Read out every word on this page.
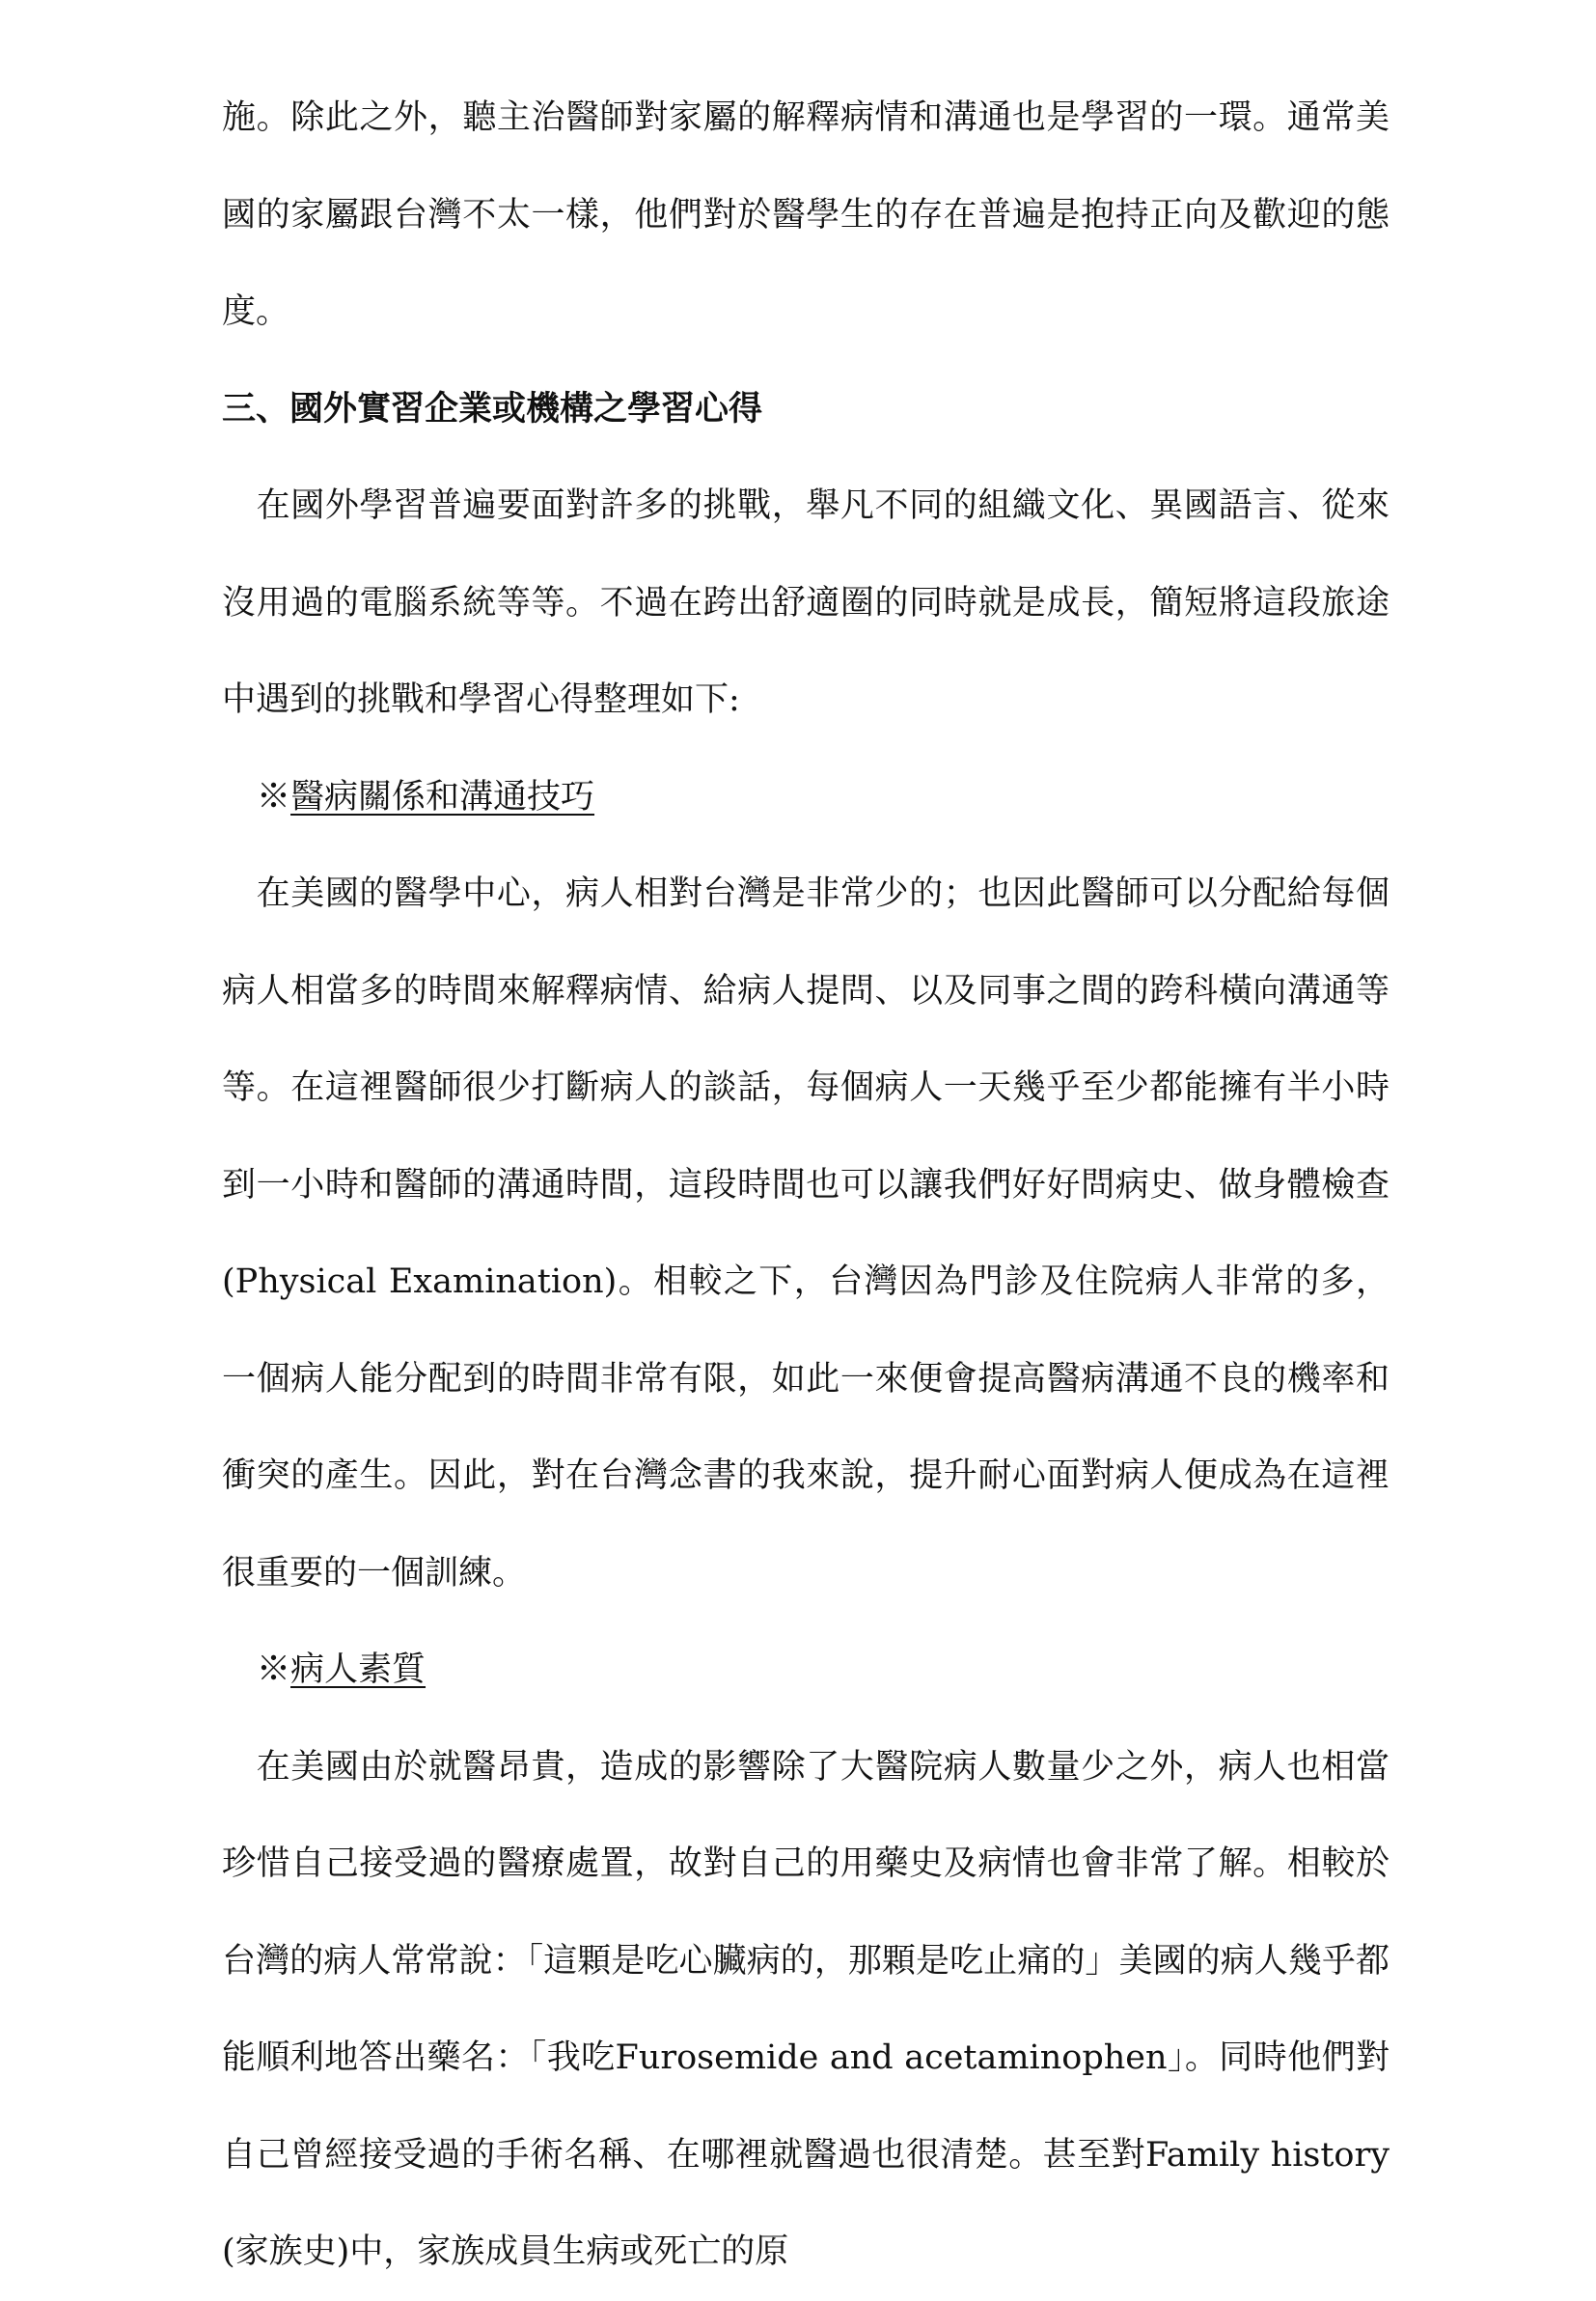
施。除此之外，聽主治醫師對家屬的解釋病情和溝通也是學習的一環。通常美國的家屬跟台灣不太一樣，他們對於醫學生的存在普遍是抱持正向及歡迎的態度。

三、國外實習企業或機構之學習心得

　在國外學習普遍要面對許多的挑戰，舉凡不同的組織文化、異國語言、從來沒用過的電腦系統等等。不過在跨出舒適圈的同時就是成長，簡短將這段旅途中遇到的挑戰和學習心得整理如下:

※醫病關係和溝通技巧

　在美國的醫學中心，病人相對台灣是非常少的；也因此醫師可以分配給每個病人相當多的時間來解釋病情、給病人提問、以及同事之間的跨科橫向溝通等等。在這裡醫師很少打斷病人的談話，每個病人一天幾乎至少都能擁有半小時到一小時和醫師的溝通時間，這段時間也可以讓我們好好問病史、做身體檢查(Physical Examination)。相較之下，台灣因為門診及住院病人非常的多，一個病人能分配到的時間非常有限，如此一來便會提高醫病溝通不良的機率和衝突的產生。因此，對在台灣念書的我來說，提升耐心面對病人便成為在這裡很重要的一個訓練。

※病人素質

　在美國由於就醫昂貴，造成的影響除了大醫院病人數量少之外，病人也相當珍惜自己接受過的醫療處置，故對自己的用藥史及病情也會非常了解。相較於台灣的病人常常說：「這顆是吃心臟病的，那顆是吃止痛的」美國的病人幾乎都能順利地答出藥名：「我吃Furosemide and acetaminophen」。同時他們對自己曾經接受過的手術名稱、在哪裡就醫過也很清楚。甚至對Family history(家族史)中，家族成員生病或死亡的原
